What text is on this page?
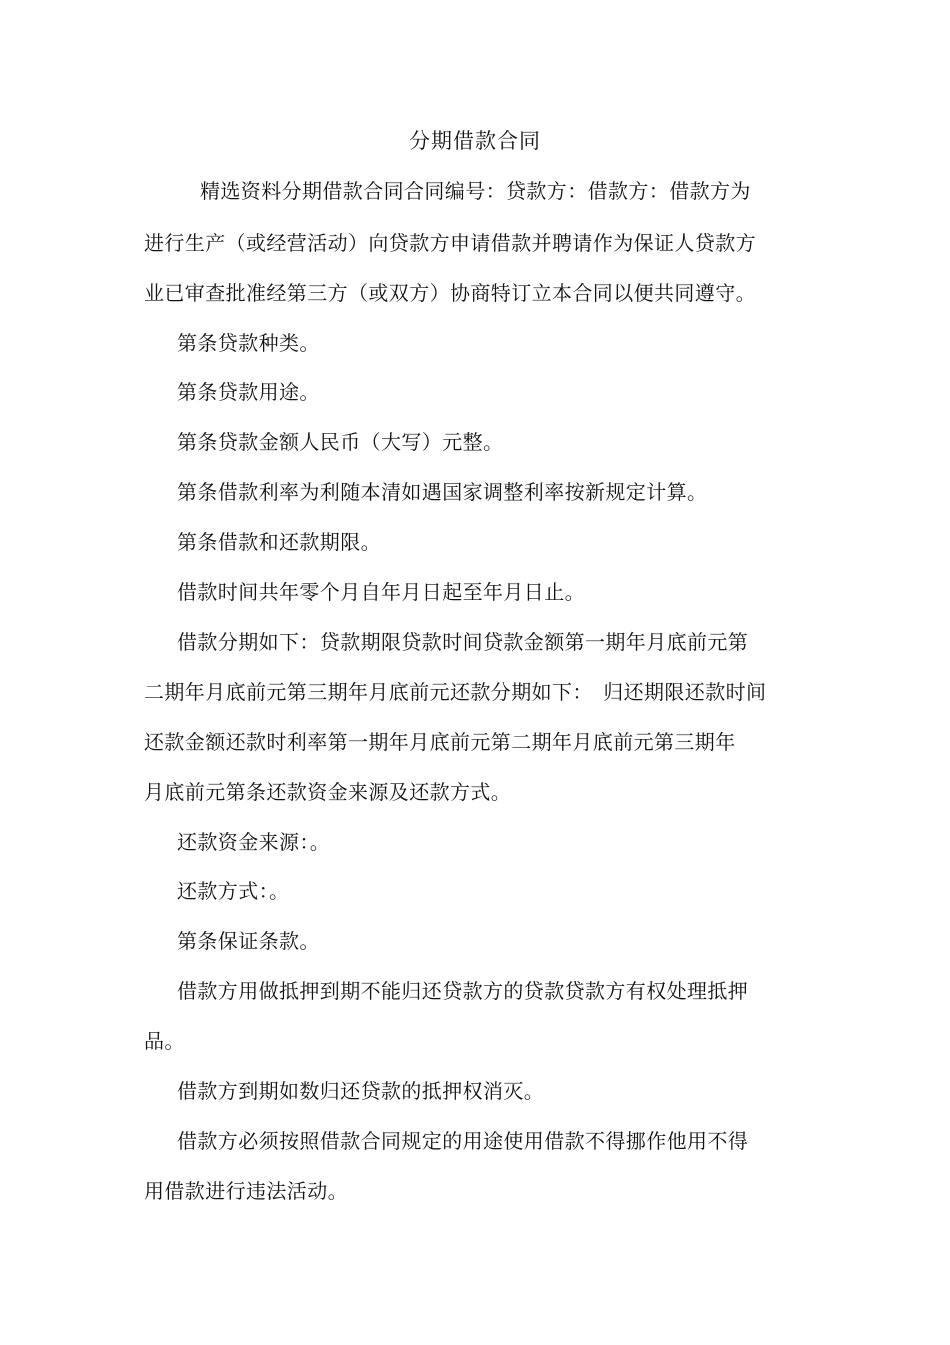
分期借款合同
精选资料分期借款合同合同编号：贷款方：借款方：借款方为
进行生产（或经营活动）向贷款方申请借款并聘请作为保证人贷款方
业已审查批准经第三方（或双方）协商特订立本合同以便共同遵守。
第条贷款种类。
第条贷款用途。
第条贷款金额人民币（大写）元整。
第条借款利率为利随本清如遇国家调整利率按新规定计算。
第条借款和还款期限。
借款时间共年零个月自年月日起至年月日止。
借款分期如下：贷款期限贷款时间贷款金额第一期年月底前元第
二期年月底前元第三期年月底前元还款分期如下：　归还期限还款时间
还款金额还款时利率第一期年月底前元第二期年月底前元第三期年
月底前元第条还款资金来源及还款方式。
还款资金来源：。
还款方式：。
第条保证条款。
借款方用做抵押到期不能归还贷款方的贷款贷款方有权处理抵押
品。
借款方到期如数归还贷款的抵押权消灭。
借款方必须按照借款合同规定的用途使用借款不得挪作他用不得
用借款进行违法活动。
